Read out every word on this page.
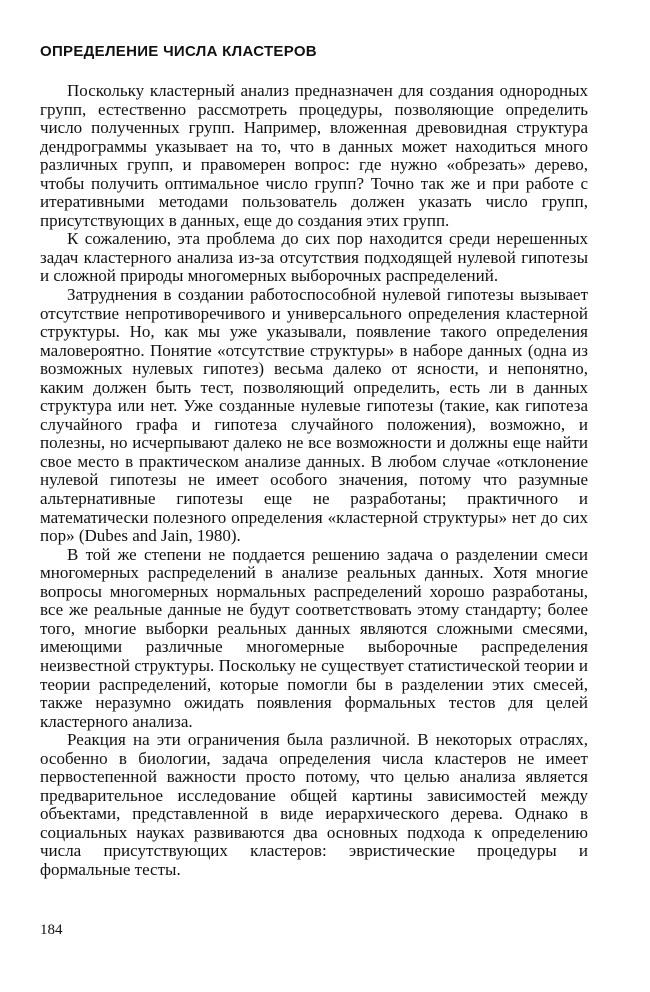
ОПРЕДЕЛЕНИЕ ЧИСЛА КЛАСТЕРОВ

Поскольку кластерный анализ предназначен для создания однородных групп, естественно рассмотреть процедуры, позволяющие определить число полученных групп. Например, вложенная древовидная структура дендрограммы указывает на то, что в данных может находиться много различных групп, и правомерен вопрос: где нужно «обрезать» дерево, чтобы получить оптимальное число групп? Точно так же и при работе с итеративными методами пользователь должен указать число групп, присутствующих в данных, еще до создания этих групп.

К сожалению, эта проблема до сих пор находится среди нерешенных задач кластерного анализа из-за отсутствия подходящей нулевой гипотезы и сложной природы многомерных выборочных распределений.

Затруднения в создании работоспособной нулевой гипотезы вызывает отсутствие непротиворечивого и универсального определения кластерной структуры. Но, как мы уже указывали, появление такого определения маловероятно. Понятие «отсутствие структуры» в наборе данных (одна из возможных нулевых гипотез) весьма далеко от ясности, и непонятно, каким должен быть тест, позволяющий определить, есть ли в данных структура или нет. Уже созданные нулевые гипотезы (такие, как гипотеза случайного графа и гипотеза случайного положения), возможно, и полезны, но исчерпывают далеко не все возможности и должны еще найти свое место в практическом анализе данных. В любом случае «отклонение нулевой гипотезы не имеет особого значения, потому что разумные альтернативные гипотезы еще не разработаны; практичного и математически полезного определения «кластерной структуры» нет до сих пор» (Dubes and Jain, 1980).

В той же степени не поддается решению задача о разделении смеси многомерных распределений в анализе реальных данных. Хотя многие вопросы многомерных нормальных распределений хорошо разработаны, все же реальные данные не будут соответствовать этому стандарту; более того, многие выборки реальных данных являются сложными смесями, имеющими различные многомерные выборочные распределения неизвестной структуры. Поскольку не существует статистической теории и теории распределений, которые помогли бы в разделении этих смесей, также неразумно ожидать появления формальных тестов для целей кластерного анализа.

Реакция на эти ограничения была различной. В некоторых отраслях, особенно в биологии, задача определения числа кластеров не имеет первостепенной важности просто потому, что целью анализа является предварительное исследование общей картины зависимостей между объектами, представленной в виде иерархического дерева. Однако в социальных науках развиваются два основных подхода к определению числа присутствующих кластеров: эвристические процедуры и формальные тесты.

184
